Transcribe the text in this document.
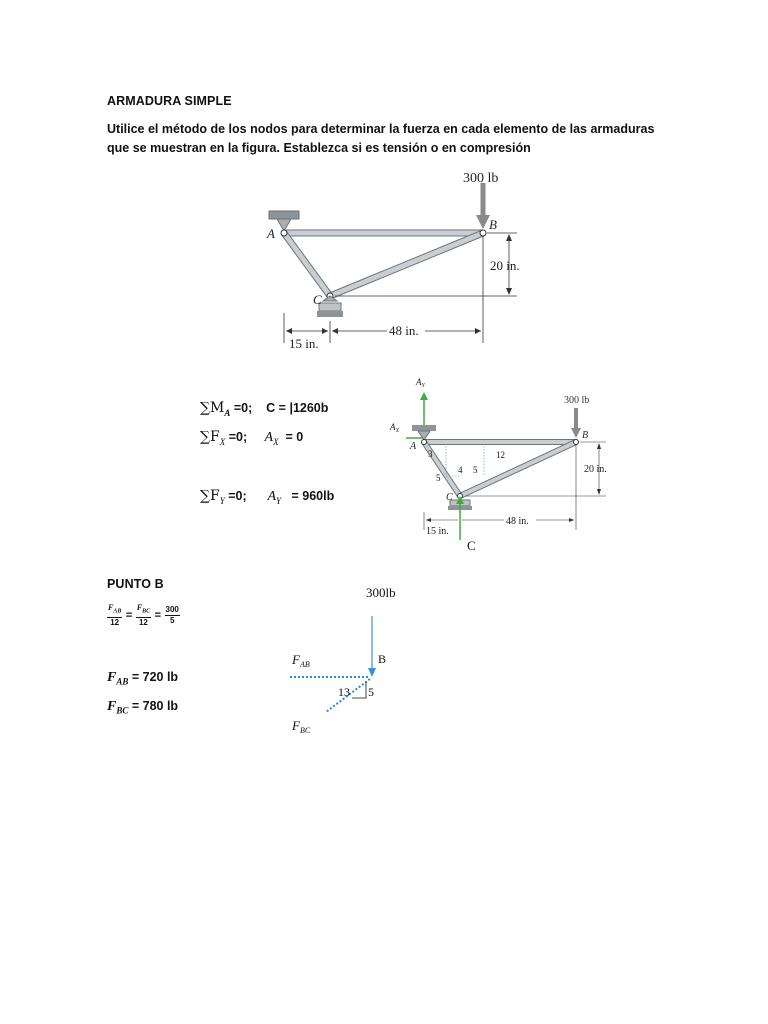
ARMADURA SIMPLE
Utilice el método de los nodos para determinar la fuerza en cada elemento de las armaduras que se muestran en la figura. Establezca si es tensión o en compresión
300 lb
A
B
C
20 in.
48 in.
15 in.
$\sum M_A =0$; C = |1260b
$\sum F_X =0$; $A_X = 0$
$\sum F_Y =0$; $A_Y = 960lb$
$A_Y$
$A_X$
300 lb
A
B
C
C
3
4
5
5
12
20 in.
48 in.
15 in.
PUNTO B
$\frac{F_{AB}}{12} = \frac{F_{BC}}{12} = \frac{300}{5}$
$F_{AB} = 720$ lb
$F_{BC} = 780$ lb
300lb
B
$F_{AB}$
$F_{BC}$
13 5
